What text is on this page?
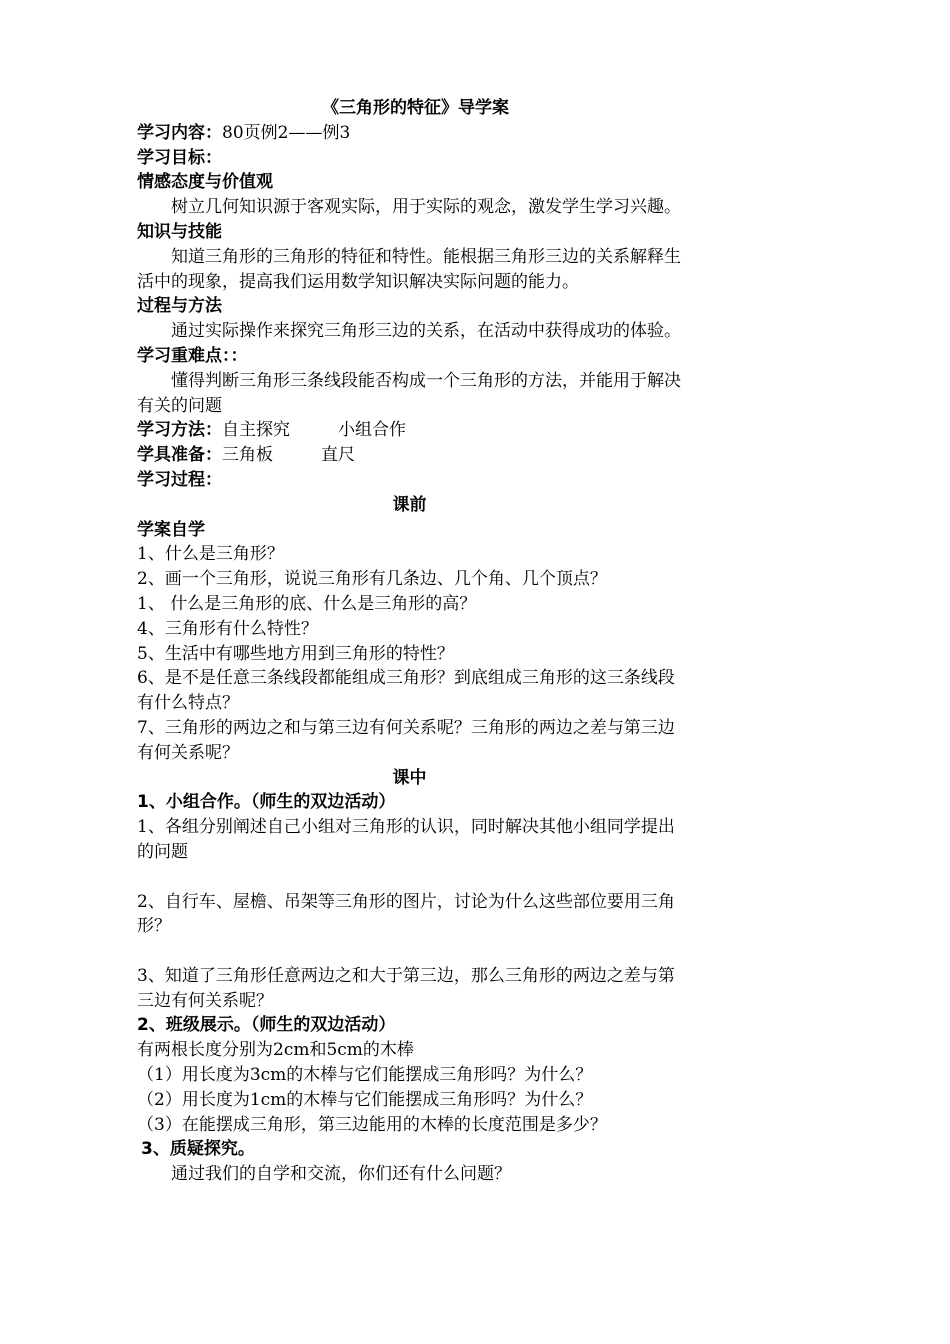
《三角形的特征》导学案
学习内容：80页例2——例3
学习目标：
情感态度与价值观
树立几何知识源于客观实际，用于实际的观念，激发学生学习兴趣。
知识与技能
知道三角形的三角形的特征和特性。能根据三角形三边的关系解释生活中的现象，提高我们运用数学知识解决实际问题的能力。
过程与方法
通过实际操作来探究三角形三边的关系，在活动中获得成功的体验。
学习重难点：：
懂得判断三角形三条线段能否构成一个三角形的方法，并能用于解决有关的问题
学习方法：自主探究	小组合作
学具准备：三角板	直尺
学习过程：
课前
学案自学
1、什么是三角形？
2、画一个三角形，说说三角形有几条边、几个角、几个顶点？
1、 什么是三角形的底、什么是三角形的高？
4、三角形有什么特性？
5、生活中有哪些地方用到三角形的特性？
6、是不是任意三条线段都能组成三角形？到底组成三角形的这三条线段有什么特点？
7、三角形的两边之和与第三边有何关系呢？三角形的两边之差与第三边有何关系呢？
课中
1、小组合作。（师生的双边活动）
1、各组分别阐述自己小组对三角形的认识，同时解决其他小组同学提出的问题
2、自行车、屋檐、吊架等三角形的图片，讨论为什么这些部位要用三角形？
3、知道了三角形任意两边之和大于第三边，那么三角形的两边之差与第三边有何关系呢？
2、班级展示。（师生的双边活动）
有两根长度分别为2cm和5cm的木棒
（1）用长度为3cm的木棒与它们能摆成三角形吗？为什么？
（2）用长度为1cm的木棒与它们能摆成三角形吗？为什么？
（3）在能摆成三角形，第三边能用的木棒的长度范围是多少？
3、质疑探究。
通过我们的自学和交流，你们还有什么问题？
